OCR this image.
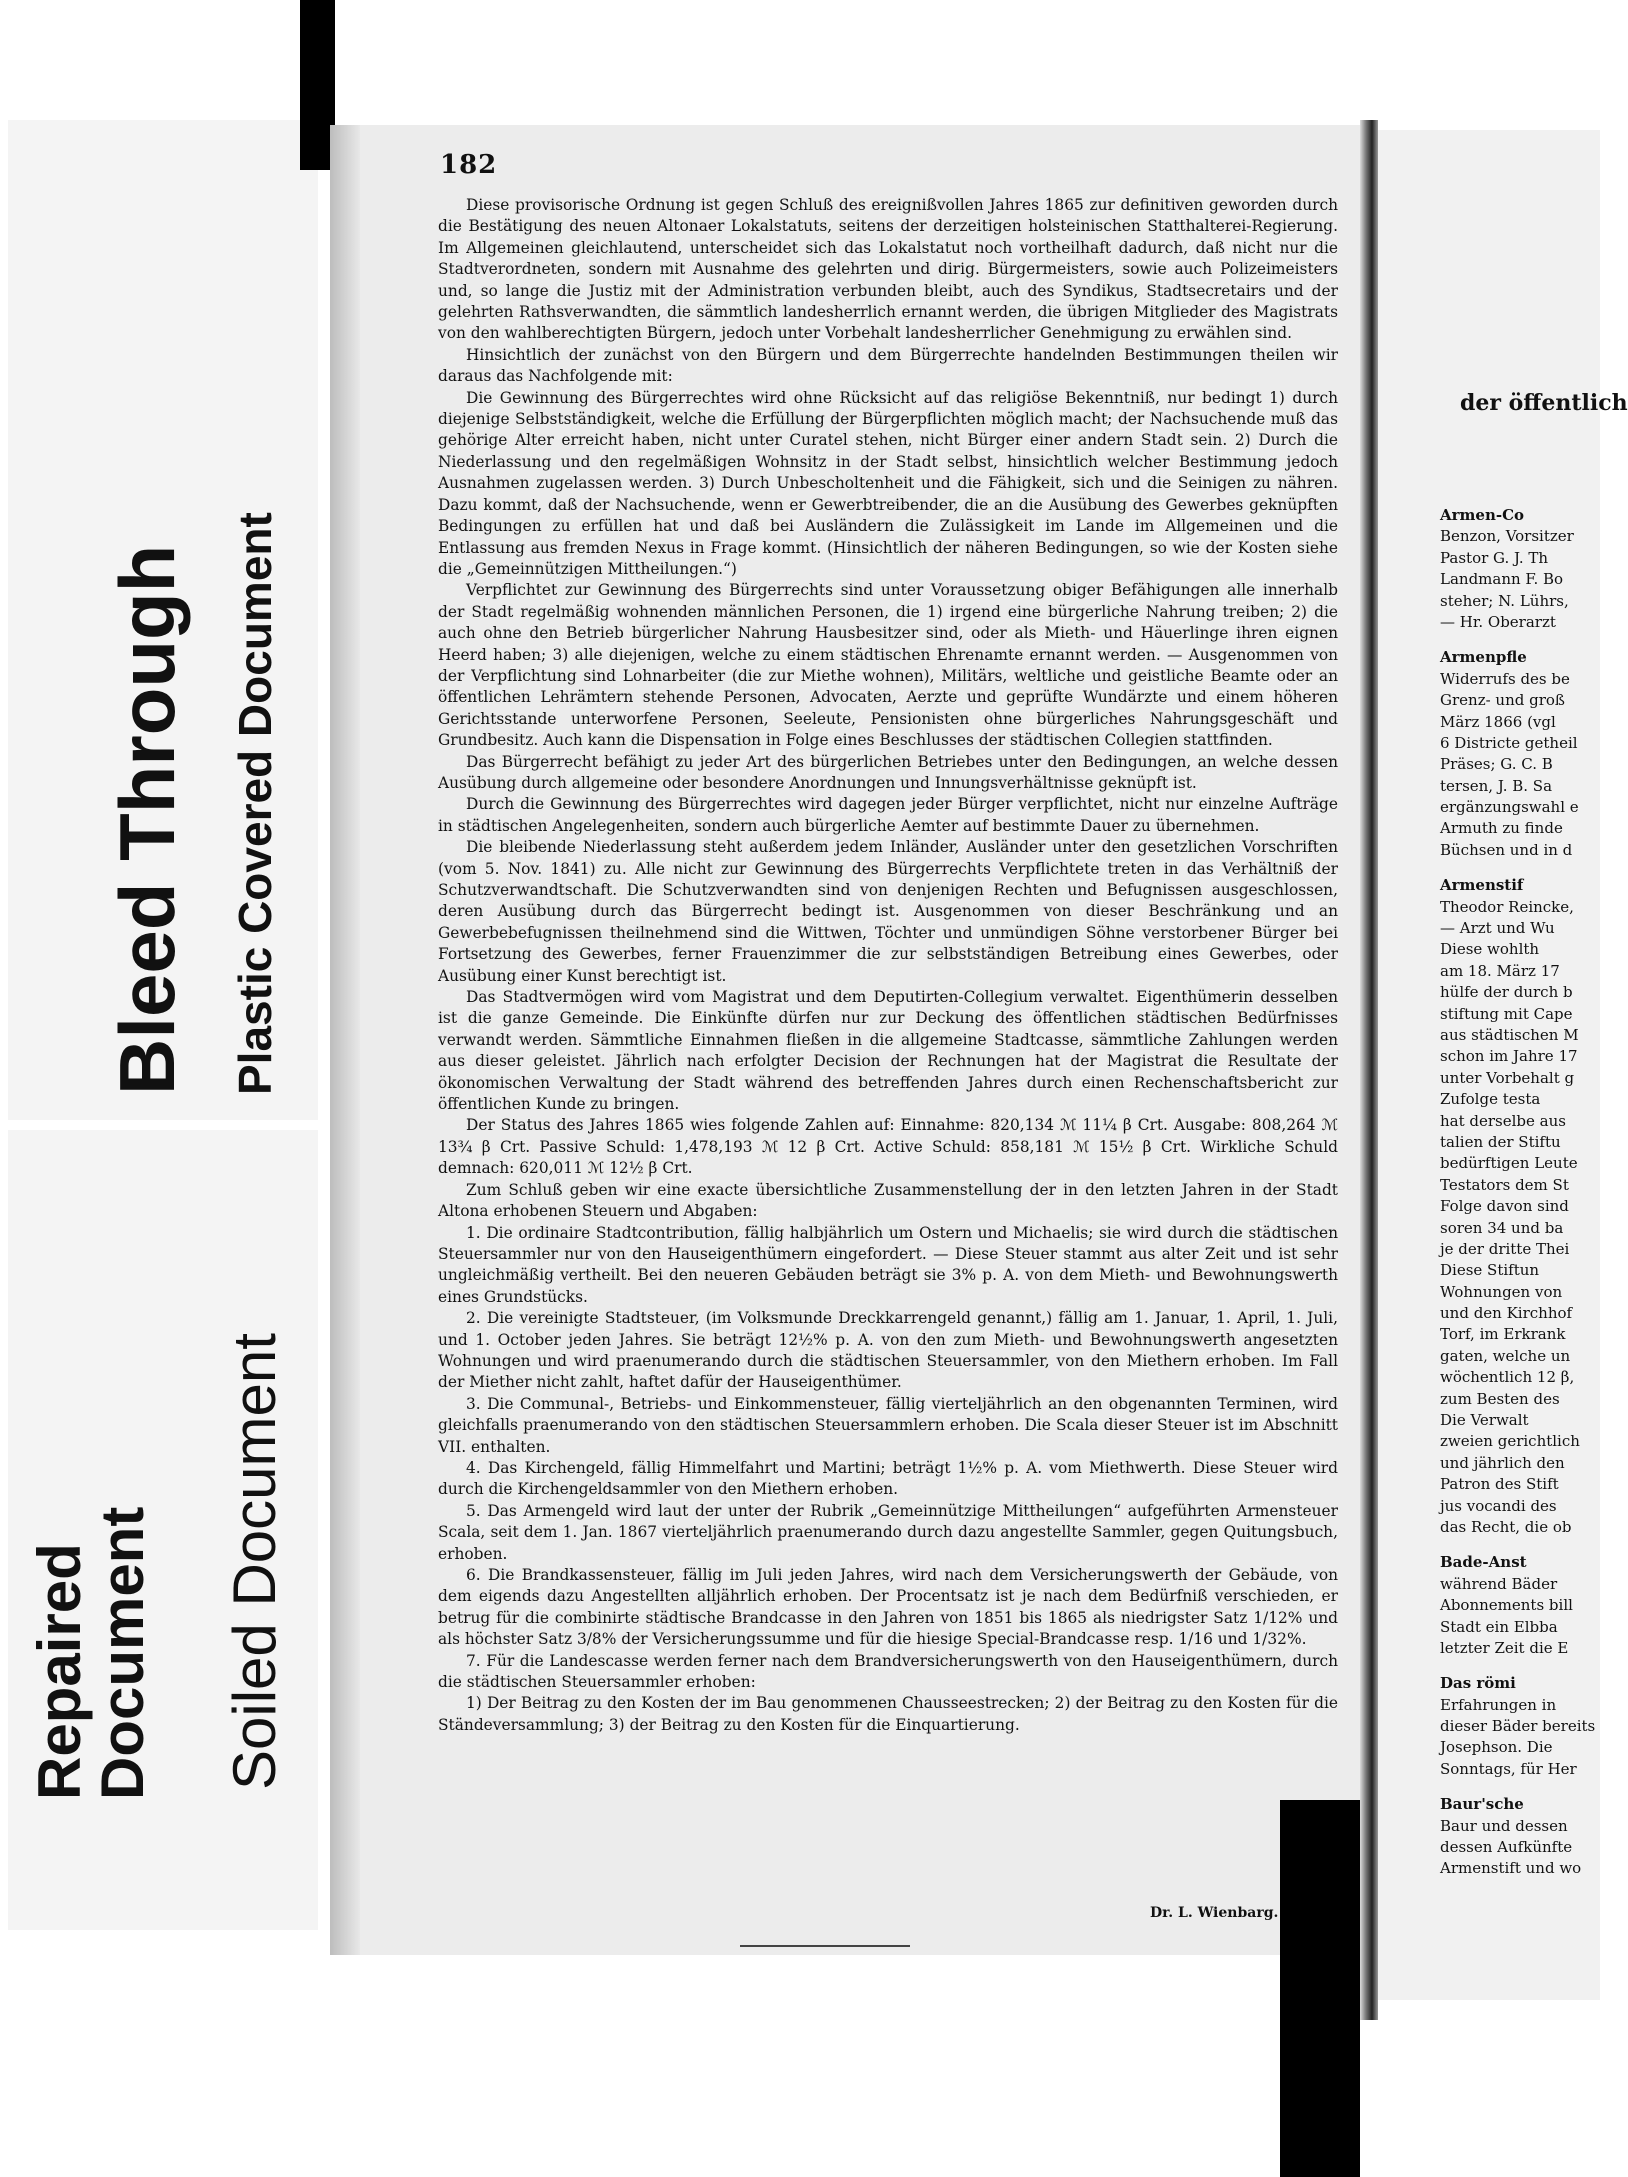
Bleed Through Plastic Covered Document
Repaired Document Soiled Document
182

Diese provisorische Ordnung ist gegen Schluß des ereignißvollen Jahres 1865 zur definitiven geworden durch die Bestätigung des neuen Altonaer Lokalstatuts, seitens der derzeitigen holsteinischen Statthalterei-Regierung. Im Allgemeinen gleichlautend, unterscheidet sich das Lokalstatut noch vortheilhaft dadurch, daß nicht nur die Stadtverordneten, sondern mit Ausnahme des gelehrten und dirig. Bürgermeisters, sowie auch Polizeimeisters und, so lange die Justiz mit der Administration verbunden bleibt, auch des Syndikus, Stadtsecretairs und der gelehrten Rathsverwandten, die sämmtlich landesherrlich ernannt werden, die übrigen Mitglieder des Magistrats von den wahlberechtigten Bürgern, jedoch unter Vorbehalt landesherrlicher Genehmigung zu erwählen sind.

Hinsichtlich der zunächst von den Bürgern und dem Bürgerrechte handelnden Bestimmungen theilen wir daraus das Nachfolgende mit:

Die Gewinnung des Bürgerrechtes wird ohne Rücksicht auf das religiöse Bekenntniß, nur bedingt 1) durch diejenige Selbstständigkeit, welche die Erfüllung der Bürgerpflichten möglich macht; der Nachsuchende muß das gehörige Alter erreicht haben, nicht unter Curatel stehen, nicht Bürger einer andern Stadt sein. 2) Durch die Niederlassung und den regelmäßigen Wohnsitz in der Stadt selbst, hinsichtlich welcher Bestimmung jedoch Ausnahmen zugelassen werden. 3) Durch Unbescholtenheit und die Fähigkeit, sich und die Seinigen zu nähren. Dazu kommt, daß der Nachsuchende, wenn er Gewerbtreibender, die an die Ausübung des Gewerbes geknüpften Bedingungen zu erfüllen hat und daß bei Ausländern die Zulässigkeit im Lande im Allgemeinen und die Entlassung aus fremden Nexus in Frage kommt. (Hinsichtlich der näheren Bedingungen, so wie der Kosten siehe die „Gemeinnützigen Mittheilungen.“)

Verpflichtet zur Gewinnung des Bürgerrechts sind unter Voraussetzung obiger Befähigungen alle innerhalb der Stadt regelmäßig wohnenden männlichen Personen, die 1) irgend eine bürgerliche Nahrung treiben; 2) die auch ohne den Betrieb bürgerlicher Nahrung Hausbesitzer sind, oder als Mieth- und Häuerlinge ihren eignen Heerd haben; 3) alle diejenigen, welche zu einem städtischen Ehrenamte ernannt werden. — Ausgenommen von der Verpflichtung sind Lohnarbeiter (die zur Miethe wohnen), Militärs, weltliche und geistliche Beamte oder an öffentlichen Lehrämtern stehende Personen, Advocaten, Aerzte und geprüfte Wundärzte und einem höheren Gerichtsstande unterworfene Personen, Seeleute, Pensionisten ohne bürgerliches Nahrungsgeschäft und Grundbesitz. Auch kann die Dispensation in Folge eines Beschlusses der städtischen Collegien stattfinden.

Das Bürgerrecht befähigt zu jeder Art des bürgerlichen Betriebes unter den Bedingungen, an welche dessen Ausübung durch allgemeine oder besondere Anordnungen und Innungsverhältnisse geknüpft ist.

Durch die Gewinnung des Bürgerrechtes wird dagegen jeder Bürger verpflichtet, nicht nur einzelne Aufträge in städtischen Angelegenheiten, sondern auch bürgerliche Aemter auf bestimmte Dauer zu übernehmen.

Die bleibende Niederlassung steht außerdem jedem Inländer, Ausländer unter den gesetzlichen Vorschriften (vom 5. Nov. 1841) zu. Alle nicht zur Gewinnung des Bürgerrechts Verpflichtete treten in das Verhältniß der Schutzverwandtschaft. Die Schutzverwandten sind von denjenigen Rechten und Befugnissen ausgeschlossen, deren Ausübung durch das Bürgerrecht bedingt ist. Ausgenommen von dieser Beschränkung und an Gewerbebefugnissen theilnehmend sind die Wittwen, Töchter und unmündigen Söhne verstorbener Bürger bei Fortsetzung des Gewerbes, ferner Frauenzimmer die zur selbstständigen Betreibung eines Gewerbes, oder Ausübung einer Kunst berechtigt ist.

Das Stadtvermögen wird vom Magistrat und dem Deputirten-Collegium verwaltet. Eigenthümerin desselben ist die ganze Gemeinde. Die Einkünfte dürfen nur zur Deckung des öffentlichen städtischen Bedürfnisses verwandt werden. Sämmtliche Einnahmen fließen in die allgemeine Stadtcasse, sämmtliche Zahlungen werden aus dieser geleistet. Jährlich nach erfolgter Decision der Rechnungen hat der Magistrat die Resultate der ökonomischen Verwaltung der Stadt während des betreffenden Jahres durch einen Rechenschaftsbericht zur öffentlichen Kunde zu bringen.

Der Status des Jahres 1865 wies folgende Zahlen auf: Einnahme: 820,134 ℳ 11¼ β Crt. Ausgabe: 808,264 ℳ 13¾ β Crt. Passive Schuld: 1,478,193 ℳ 12 β Crt. Active Schuld: 858,181 ℳ 15½ β Crt. Wirkliche Schuld demnach: 620,011 ℳ 12½ β Crt.

Zum Schluß geben wir eine exacte übersichtliche Zusammenstellung der in den letzten Jahren in der Stadt Altona erhobenen Steuern und Abgaben:

1. Die ordinaire Stadtcontribution, fällig halbjährlich um Ostern und Michaelis; sie wird durch die städtischen Steuersammler nur von den Hauseigenthümern eingefordert. — Diese Steuer stammt aus alter Zeit und ist sehr ungleichmäßig vertheilt. Bei den neueren Gebäuden beträgt sie 3% p. A. von dem Mieth- und Bewohnungswerth eines Grundstücks.

2. Die vereinigte Stadtsteuer, (im Volksmunde Dreckkarrengeld genannt,) fällig am 1. Januar, 1. April, 1. Juli, und 1. October jeden Jahres. Sie beträgt 12½% p. A. von den zum Mieth- und Bewohnungswerth angesetzten Wohnungen und wird praenumerando durch die städtischen Steuersammler, von den Miethern erhoben. Im Fall der Miether nicht zahlt, haftet dafür der Hauseigenthümer.

3. Die Communal-, Betriebs- und Einkommensteuer, fällig vierteljährlich an den obgenannten Terminen, wird gleichfalls praenumerando von den städtischen Steuersammlern erhoben. Die Scala dieser Steuer ist im Abschnitt VII. enthalten.

4. Das Kirchengeld, fällig Himmelfahrt und Martini; beträgt 1½% p. A. vom Miethwerth. Diese Steuer wird durch die Kirchengeldsammler von den Miethern erhoben.

5. Das Armengeld wird laut der unter der Rubrik „Gemeinnützige Mittheilungen“ aufgeführten Armensteuer Scala, seit dem 1. Jan. 1867 vierteljährlich praenumerando durch dazu angestellte Sammler, gegen Quitungsbuch, erhoben.

6. Die Brandkassensteuer, fällig im Juli jeden Jahres, wird nach dem Versicherungswerth der Gebäude, von dem eigends dazu Angestellten alljährlich erhoben. Der Procentsatz ist je nach dem Bedürfniß verschieden, er betrug für die combinirte städtische Brandcasse in den Jahren von 1851 bis 1865 als niedrigster Satz 1/12% und als höchster Satz 3/8% der Versicherungssumme und für die hiesige Special-Brandcasse resp. 1/16 und 1/32%.

7. Für die Landescasse werden ferner nach dem Brandversicherungswerth von den Hauseigenthümern, durch die städtischen Steuersammler erhoben:

1) Der Beitrag zu den Kosten der im Bau genommenen Chausseestrecken; 2) der Beitrag zu den Kosten für die Ständeversammlung; 3) der Beitrag zu den Kosten für die Einquartierung.

Dr. L. Wienbarg.
der öffentlich
Armen-Co
Benzon, Vorsitzer
Pastor G. J. Th
Landmann F. Bo
steher; N. Lührs,
— Hr. Oberarzt
Armenpfle
Widerrufs des be
Grenz- und groß
März 1866 (vgl
6 Districte getheil
Präses; G. C. B
tersen, J. B. Sa
ergänzungswahl e
Armuth zu finde
Büchsen und in d
Armenstif
Theodor Reincke,
— Arzt und Wu
Diese wohlth
am 18. März 17
hülfe der durch b
stiftung mit Cape
aus städtischen M
schon im Jahre 17
unter Vorbehalt g
Zufolge testa
hat derselbe aus
talien der Stiftu
bedürftigen Leute
Testators dem St
Folge davon sind
soren 34 und ba
je der dritte Thei
Diese Stiftun
Wohnungen von
und den Kirchhof
Torf, im Erkrank
gaten, welche un
wöchentlich 12 β,
zum Besten des
Die Verwalt
zweien gerichtlich
und jährlich den
Patron des Stift
jus vocandi des
das Recht, die ob
Bade-Anst
während Bäder
Abonnements bill
Stadt ein Elbba
letzter Zeit die E
Das römi
Erfahrungen in
dieser Bäder bereits
Josephson. Die
Sonntags, für Her
Baur'sche
Baur und dessen
dessen Aufkünfte
Armenstift und wo
